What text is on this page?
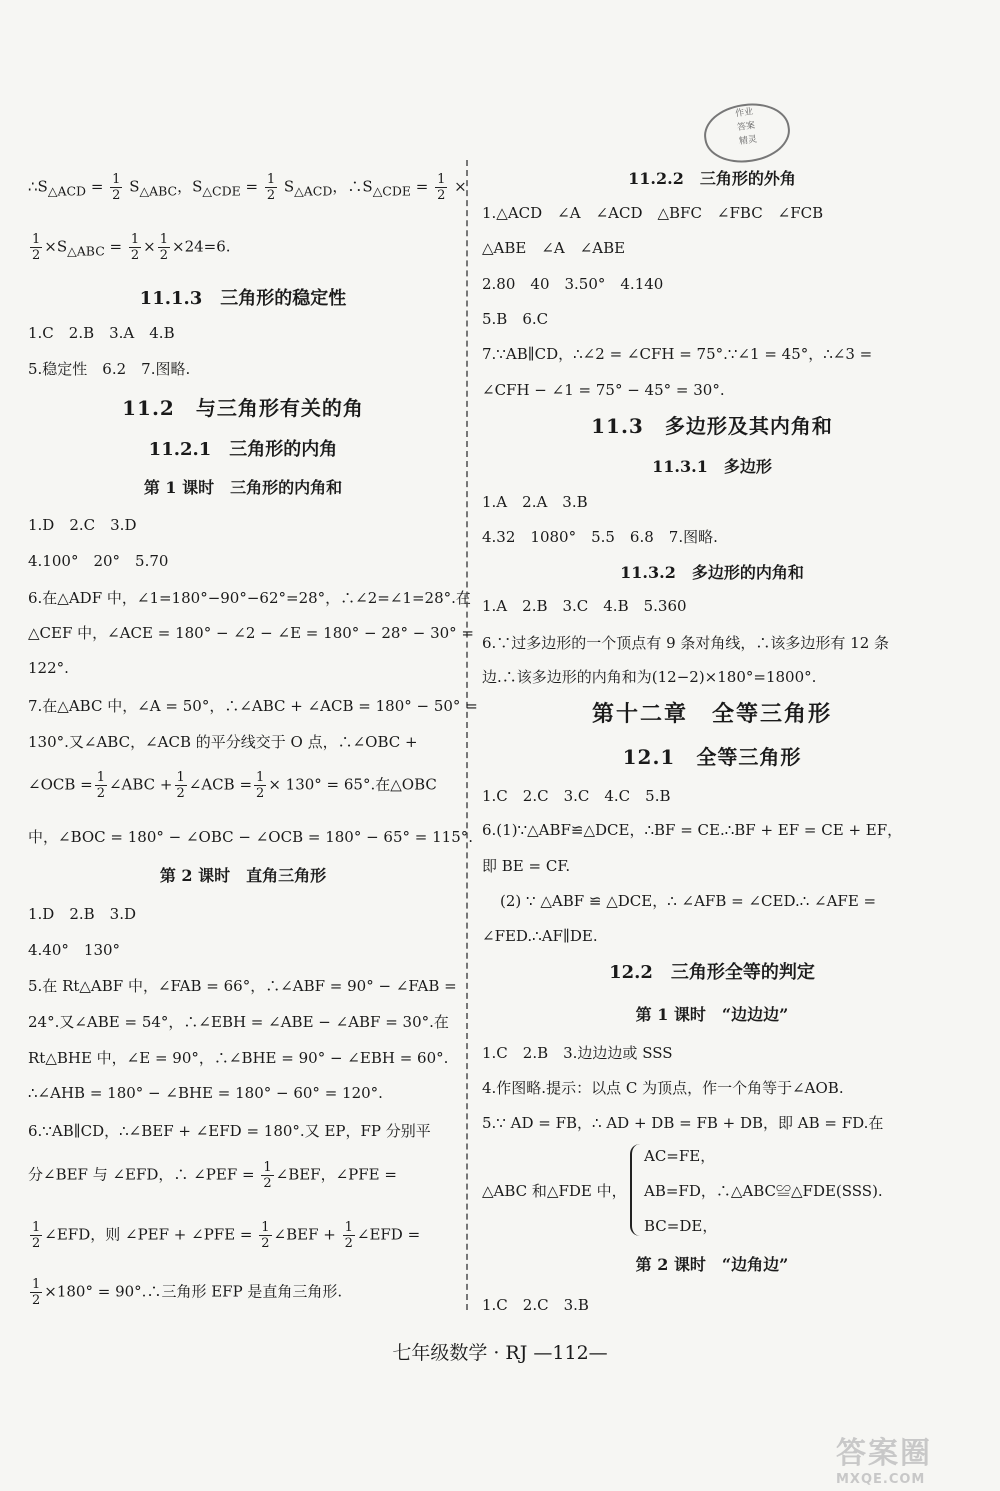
作业
答案
精灵
$\therefore S_{\triangle ACD} = \frac{1}{2} S_{\triangle ABC}$，$S_{\triangle CDE} = \frac{1}{2} S_{\triangle ACD}$，$\therefore S_{\triangle CDE} = \frac{1}{2}$ ×
$\frac{1}{2} \times S_{\triangle ABC} = \frac{1}{2} \times \frac{1}{2} \times 24=6$.
11.1.3　三角形的稳定性
1.C　2.B　3.A　4.B
5.稳定性　6.2　7.图略.
11.2　与三角形有关的角
11.2.1　三角形的内角
第 1 课时　三角形的内角和
1.D　2.C　3.D
4.100°　20°　5.70
6.在△ADF 中，∠1=180°−90°−62°=28°，∴∠2=∠1=28°.在
△CEF 中，∠ACE = 180° − ∠2 − ∠E = 180° − 28° − 30° =
122°.
7.在△ABC 中，∠A = 50°，∴∠ABC + ∠ACB = 180° − 50° =
130°.又∠ABC，∠ACB 的平分线交于 O 点，∴∠OBC +
∠OCB = $\frac{1}{2}$ ∠ABC + $\frac{1}{2}$ ∠ACB = $\frac{1}{2} \times 130^\circ = 65^\circ$.在△OBC
中，∠BOC = 180° − ∠OBC − ∠OCB = 180° − 65° = 115°.
第 2 课时　直角三角形
1.D　2.B　3.D
4.40°　130°
5.在 Rt△ABF 中，∠FAB = 66°，∴∠ABF = 90° − ∠FAB =
24°.又∠ABE = 54°，∴∠EBH = ∠ABE − ∠ABF = 30°.在
Rt△BHE 中，∠E = 90°，∴∠BHE = 90° − ∠EBH = 60°.
∴∠AHB = 180° − ∠BHE = 180° − 60° = 120°.
6.∵AB∥CD，∴∠BEF + ∠EFD = 180°.又 EP，FP 分别平
分∠BEF 与 ∠EFD，∴ ∠PEF = $\frac{1}{2}$ ∠BEF，∠PFE =
$\frac{1}{2}$ ∠EFD，则 ∠PEF + ∠PFE = $\frac{1}{2}$ ∠BEF + $\frac{1}{2}$ ∠EFD =
$\frac{1}{2} \times 180^\circ$ = 90°.∴三角形 EFP 是直角三角形.
11.2.2　三角形的外角
1.△ACD　∠A　∠ACD　△BFC　∠FBC　∠FCB
△ABE　∠A　∠ABE
2.80　40　3.50°　4.140
5.B　6.C
7.∵AB∥CD，∴∠2 = ∠CFH = 75°.∵∠1 = 45°，∴∠3 =
∠CFH − ∠1 = 75° − 45° = 30°.
11.3　多边形及其内角和
11.3.1　多边形
1.A　2.A　3.B
4.32　1080°　5.5　6.8　7.图略.
11.3.2　多边形的内角和
1.A　2.B　3.C　4.B　5.360
6.∵过多边形的一个顶点有 9 条对角线，∴该多边形有 12 条
边.∴该多边形的内角和为(12−2)×180°=1800°.
第十二章　全等三角形
12.1　全等三角形
1.C　2.C　3.C　4.C　5.B
6.(1)∵△ABF≌△DCE，∴BF = CE.∴BF + EF = CE + EF，
即 BE = CF.
(2) ∵ △ABF ≌ △DCE，∴ ∠AFB = ∠CED.∴ ∠AFE =
∠FED.∴AF∥DE.
12.2　三角形全等的判定
第 1 课时　“边边边”
1.C　2.B　3.边边边或 SSS
4.作图略.提示：以点 C 为顶点，作一个角等于∠AOB.
5.∵ AD = FB，∴ AD + DB = FB + DB，即 AB = FD.在
△ABC 和△FDE 中，
AC=FE，
AB=FD，∴△ABC≌△FDE(SSS).
BC=DE，
第 2 课时　“边角边”
1.C　2.C　3.B
七年级数学 · RJ —112—
答案圈
MXQE.COM
